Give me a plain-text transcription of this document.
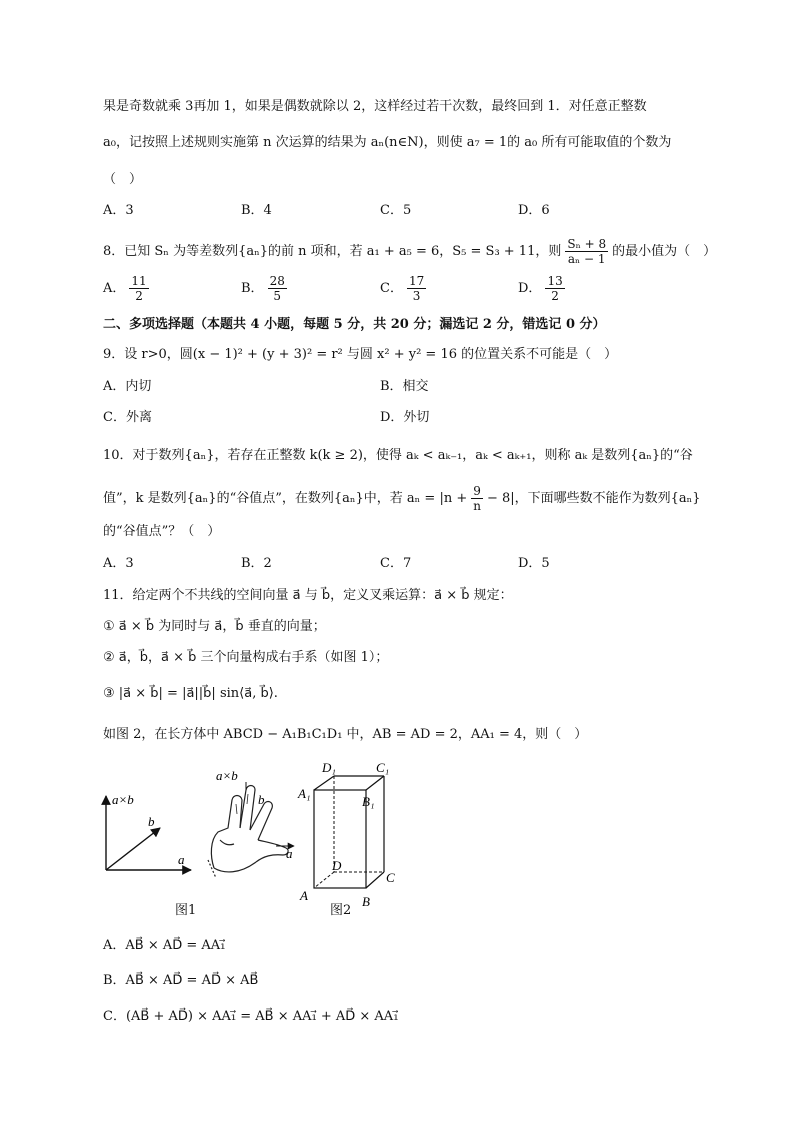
果是奇数就乘 3再加 1，如果是偶数就除以 2，这样经过若干次数，最终回到 1．对任意正整数
a₀，记按照上述规则实施第 n 次运算的结果为 aₙ(n∈N)，则使 a₇ = 1的 a₀ 所有可能取值的个数为
（　）
A．3	B．4	C．5	D．6
8．已知 Sₙ 为等差数列{aₙ}的前 n 项和，若 a₁ + a₅ = 6，S₅ = S₃ + 11，则 $\frac{\text{Sₙ + 8}}{\text{aₙ − 1}}$ 的最小值为（　）
A． $\frac{11}{2}$	B． $\frac{28}{5}$	C． $\frac{17}{3}$	D． $\frac{13}{2}$
二、多项选择题（本题共 4 小题，每题 5 分，共 20 分；漏选记 2 分，错选记 0 分）
9．设 r>0，圆(x − 1)² + (y + 3)² = r² 与圆 x² + y² = 16 的位置关系不可能是（　）
A．内切	B．相交
C．外离	D．外切
10．对于数列{aₙ}，若存在正整数 k(k ≥ 2)，使得 aₖ < aₖ₋₁，aₖ < aₖ₊₁，则称 aₖ 是数列{aₙ}的“谷
值”，k 是数列{aₙ}的“谷值点”，在数列{aₙ}中，若 $a_n = |n + \frac{9}{n} - 8|$，下面哪些数不能作为数列{aₙ}
的“谷值点”？（　）
A．3	B．2	C．7	D．5
11．给定两个不共线的空间向量 a⃗ 与 b⃗，定义叉乘运算：a⃗ × b⃗ 规定：
① a⃗ × b⃗ 为同时与 a⃗，b⃗ 垂直的向量；
② a⃗，b⃗，a⃗ × b⃗ 三个向量构成右手系（如图 1）；
③ |a⃗ × b⃗| = |a⃗||b⃗| sin⟨a⃗, b⃗⟩.
如图 2，在长方体中 ABCD − A₁B₁C₁D₁ 中，AB = AD = 2，AA₁ = 4，则（　）
a×b
b
a
a×b
b
a
图1
D₁	C₁
A₁
B₁
D
A	B
C
图2
A．AB⃗ × AD⃗ = AA₁⃗
B．AB⃗ × AD⃗ = AD⃗ × AB⃗
C．(AB⃗ + AD⃗) × AA₁⃗ = AB⃗ × AA₁⃗ + AD⃗ × AA₁⃗
